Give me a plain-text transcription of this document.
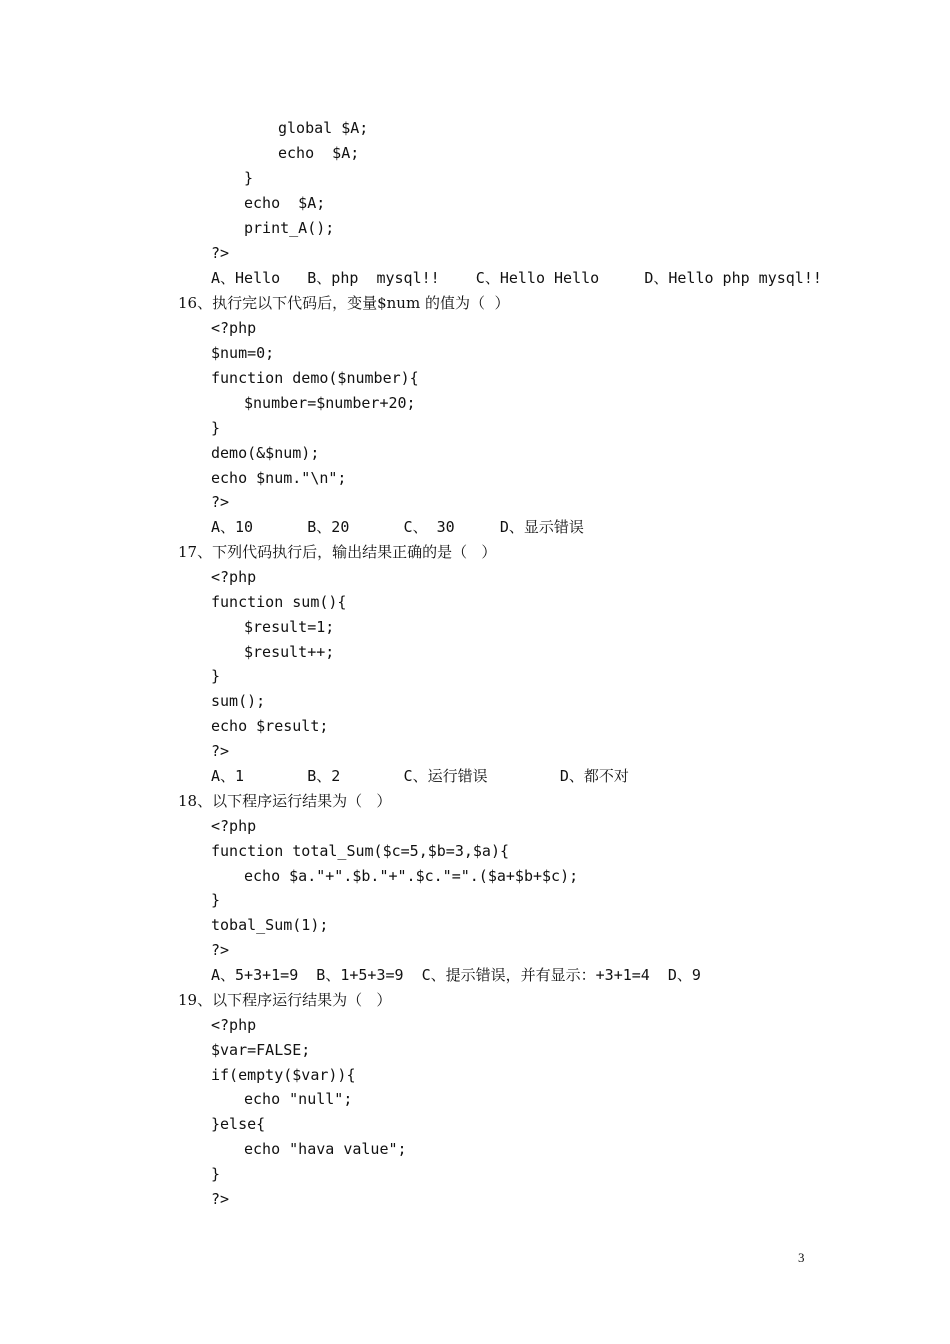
global $A;
echo  $A;
}
echo  $A;
print_A();
?>
A、Hello   B、php  mysql!!    C、Hello Hello     D、Hello php mysql!!
16、执行完以下代码后，变量$num 的值为（  ）
<?php
$num=0;
function demo($number){
$number=$number+20;
}
demo(&$num);
echo $num."\n";
?>
A、10      B、20      C、 30     D、显示错误
17、下列代码执行后，输出结果正确的是（   ）
<?php
function sum(){
$result=1;
$result++;
}
sum();
echo $result;
?>
A、1       B、2       C、运行错误        D、都不对
18、以下程序运行结果为（   ）
<?php
function total_Sum($c=5,$b=3,$a){
echo $a."+".$b."+".$c."=".($a+$b+$c);
}
tobal_Sum(1);
?>
A、5+3+1=9  B、1+5+3=9  C、提示错误，并有显示：+3+1=4  D、9
19、以下程序运行结果为（   ）
<?php
$var=FALSE;
if(empty($var)){
echo "null";
}else{
echo "hava value";
}
?>
3
